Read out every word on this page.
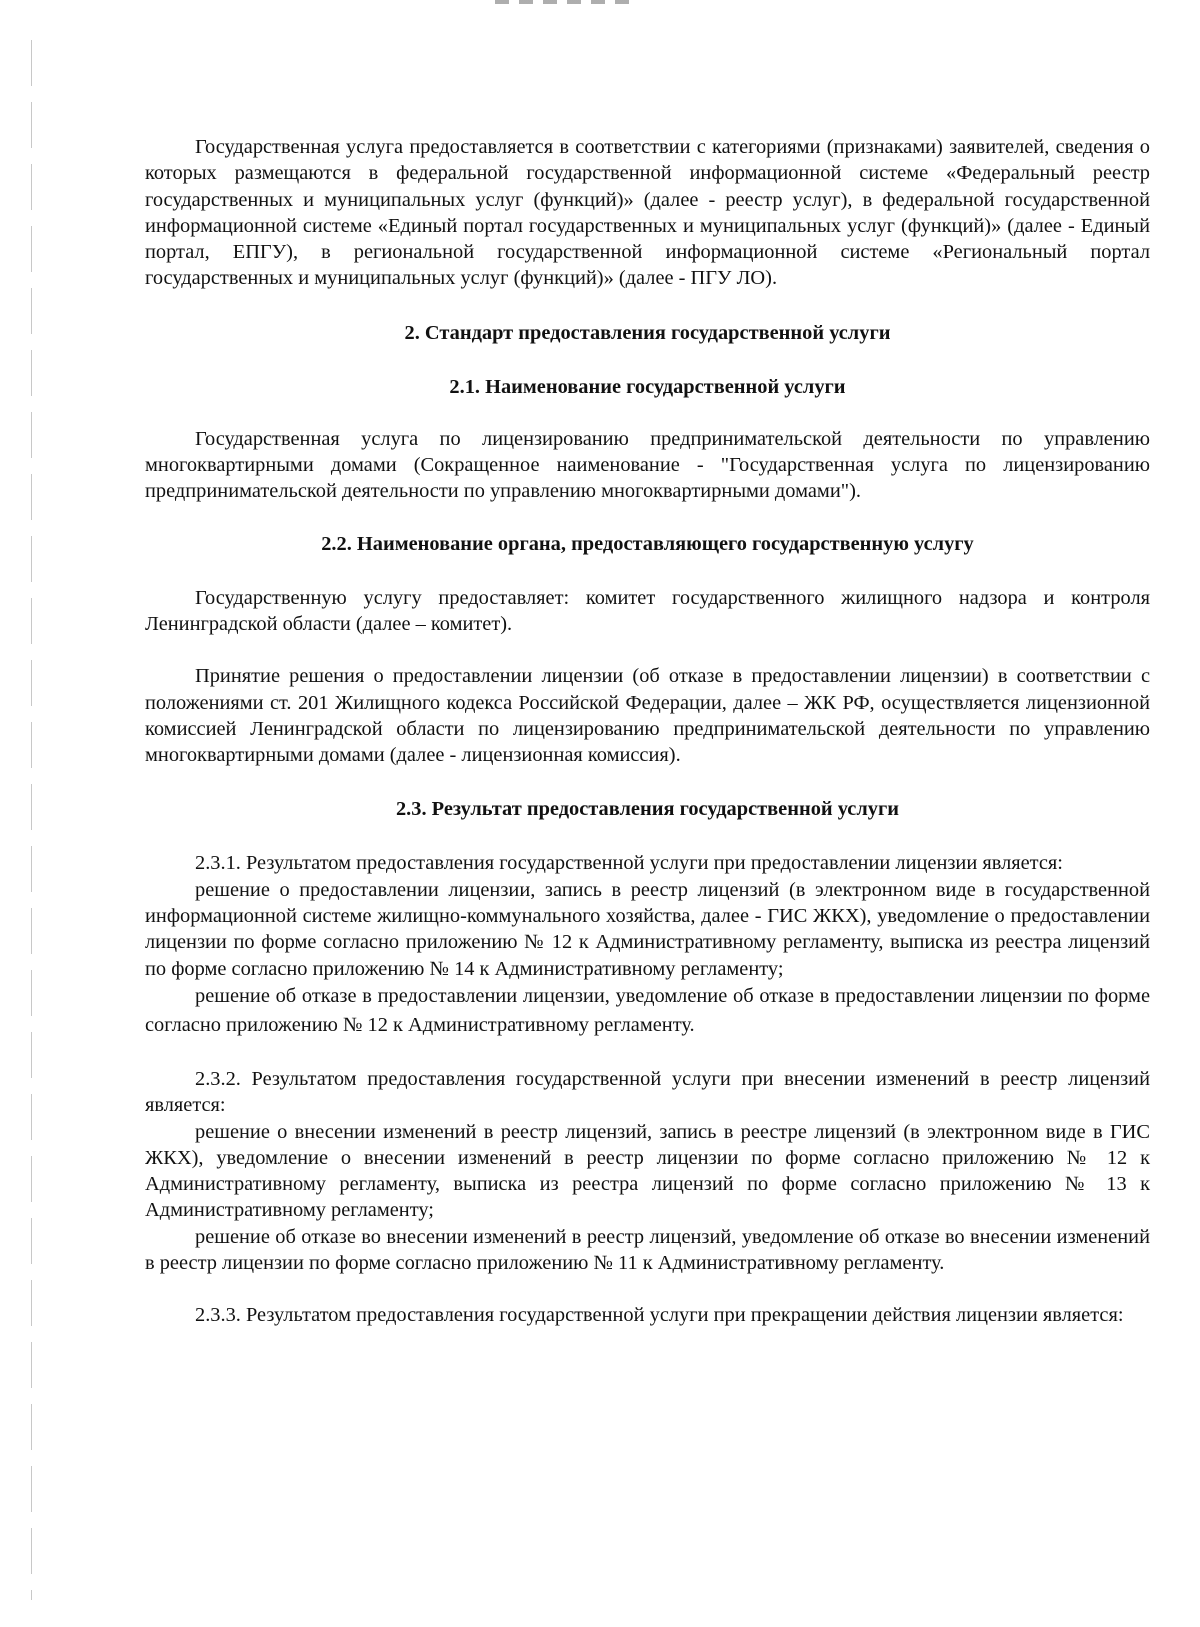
Государственная услуга предоставляется в соответствии с категориями (признаками) заявителей, сведения о которых размещаются в федеральной государственной информационной системе «Федеральный реестр государственных и муниципальных услуг (функций)» (далее - реестр услуг), в федеральной государственной информационной системе «Единый портал государственных и муниципальных услуг (функций)» (далее - Единый портал, ЕПГУ), в региональной государственной информационной системе «Региональный портал государственных и муниципальных услуг (функций)» (далее - ПГУ ЛО).

2. Стандарт предоставления государственной услуги
2.1. Наименование государственной услуги

Государственная услуга по лицензированию предпринимательской деятельности по управлению многоквартирными домами (Сокращенное наименование - "Государственная услуга по лицензированию предпринимательской деятельности по управлению многоквартирными домами").

2.2. Наименование органа, предоставляющего государственную услугу

Государственную услугу предоставляет: комитет государственного жилищного надзора и контроля Ленинградской области (далее – комитет).

Принятие решения о предоставлении лицензии (об отказе в предоставлении лицензии) в соответствии с положениями ст. 201 Жилищного кодекса Российской Федерации, далее – ЖК РФ, осуществляется лицензионной комиссией Ленинградской области по лицензированию предпринимательской деятельности по управлению многоквартирными домами (далее - лицензионная комиссия).

2.3. Результат предоставления государственной услуги

2.3.1. Результатом предоставления государственной услуги при предоставлении лицензии является:

решение о предоставлении лицензии, запись в реестр лицензий (в электронном виде в государственной информационной системе жилищно-коммунального хозяйства, далее - ГИС ЖКХ), уведомление о предоставлении лицензии по форме согласно приложению № 12 к Административному регламенту, выписка из реестра лицензий по форме согласно приложению № 14 к Административному регламенту;

решение об отказе в предоставлении лицензии, уведомление об отказе в предоставлении лицензии по форме согласно приложению № 12 к Административному регламенту.

2.3.2. Результатом предоставления государственной услуги при внесении изменений в реестр лицензий является:

решение о внесении изменений в реестр лицензий, запись в реестре лицензий (в электронном виде в ГИС ЖКХ), уведомление о внесении изменений в реестр лицензии по форме согласно приложению № 12 к Административному регламенту, выписка из реестра лицензий по форме согласно приложению № 13 к Административному регламенту;

решение об отказе во внесении изменений в реестр лицензий, уведомление об отказе во внесении изменений в реестр лицензии по форме согласно приложению № 11 к Административному регламенту.

2.3.3. Результатом предоставления государственной услуги при прекращении действия лицензии является:
